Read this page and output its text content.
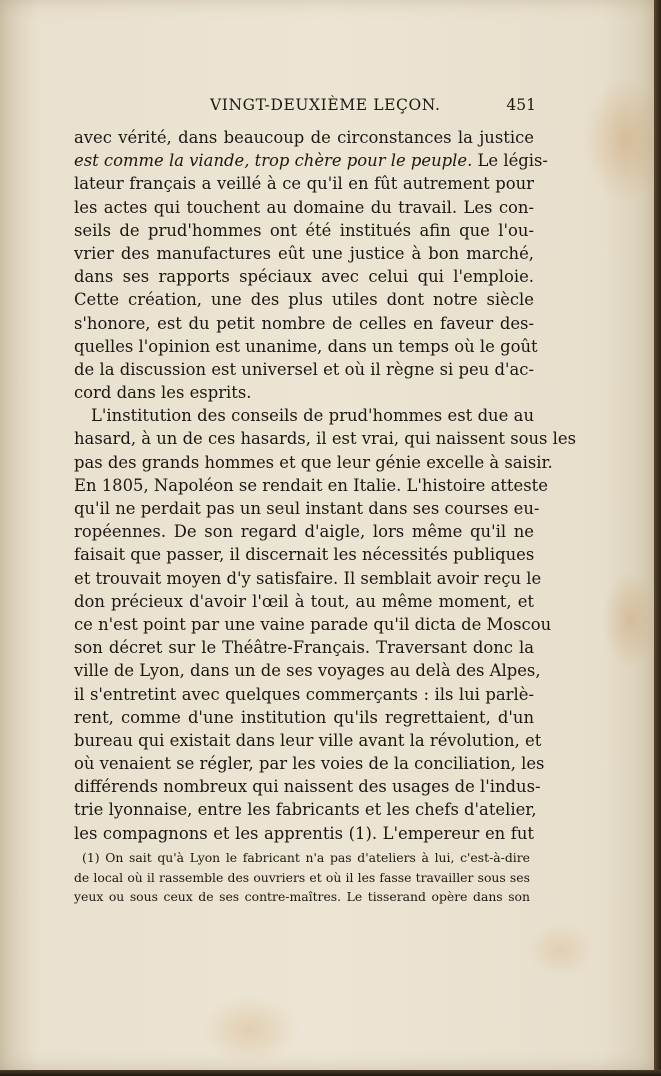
VINGT-DEUXIÈME LEÇON.	451
avec vérité, dans beaucoup de circonstances la justice
est comme la viande, trop chère pour le peuple. Le légis-
lateur français a veillé à ce qu'il en fût autrement pour
les actes qui touchent au domaine du travail. Les con-
seils de prud'hommes ont été institués afin que l'ou-
vrier des manufactures eût une justice à bon marché,
dans ses rapports spéciaux avec celui qui l'emploie.
Cette création, une des plus utiles dont notre siècle
s'honore, est du petit nombre de celles en faveur des-
quelles l'opinion est unanime, dans un temps où le goût
de la discussion est universel et où il règne si peu d'ac-
cord dans les esprits.
L'institution des conseils de prud'hommes est due au
hasard, à un de ces hasards, il est vrai, qui naissent sous les
pas des grands hommes et que leur génie excelle à saisir.
En 1805, Napoléon se rendait en Italie. L'histoire atteste
qu'il ne perdait pas un seul instant dans ses courses eu-
ropéennes. De son regard d'aigle, lors même qu'il ne
faisait que passer, il discernait les nécessités publiques
et trouvait moyen d'y satisfaire. Il semblait avoir reçu le
don précieux d'avoir l'œil à tout, au même moment, et
ce n'est point par une vaine parade qu'il dicta de Moscou
son décret sur le Théâtre-Français. Traversant donc la
ville de Lyon, dans un de ses voyages au delà des Alpes,
il s'entretint avec quelques commerçants : ils lui parlè-
rent, comme d'une institution qu'ils regrettaient, d'un
bureau qui existait dans leur ville avant la révolution, et
où venaient se régler, par les voies de la conciliation, les
différends nombreux qui naissent des usages de l'indus-
trie lyonnaise, entre les fabricants et les chefs d'atelier,
les compagnons et les apprentis (1). L'empereur en fut
(1) On sait qu'à Lyon le fabricant n'a pas d'ateliers à lui, c'est-à-dire
de local où il rassemble des ouvriers et où il les fasse travailler sous ses
yeux ou sous ceux de ses contre-maîtres. Le tisserand opère dans son
